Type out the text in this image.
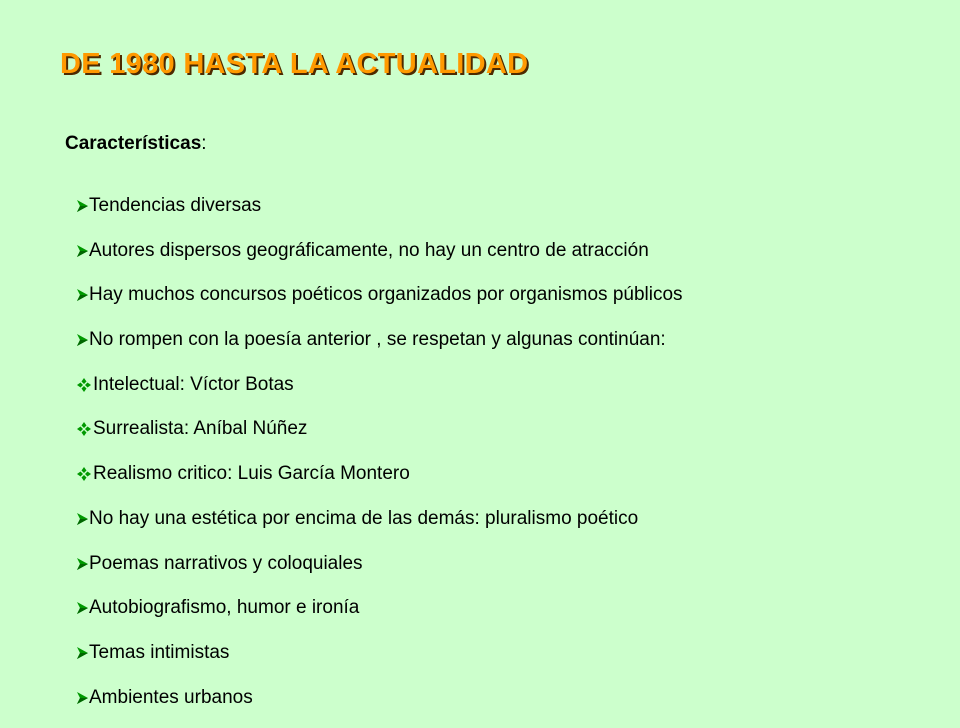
DE 1980 HASTA LA ACTUALIDAD
Características:
Tendencias diversas
Autores dispersos geográficamente, no hay un centro de atracción
Hay muchos concursos poéticos organizados por organismos públicos
No rompen con la poesía anterior , se respetan y algunas continúan:
Intelectual: Víctor Botas
Surrealista: Aníbal Núñez
Realismo critico: Luis García Montero
No hay una estética por encima de las demás: pluralismo poético
Poemas narrativos y coloquiales
Autobiografismo, humor e ironía
Temas intimistas
Ambientes urbanos
